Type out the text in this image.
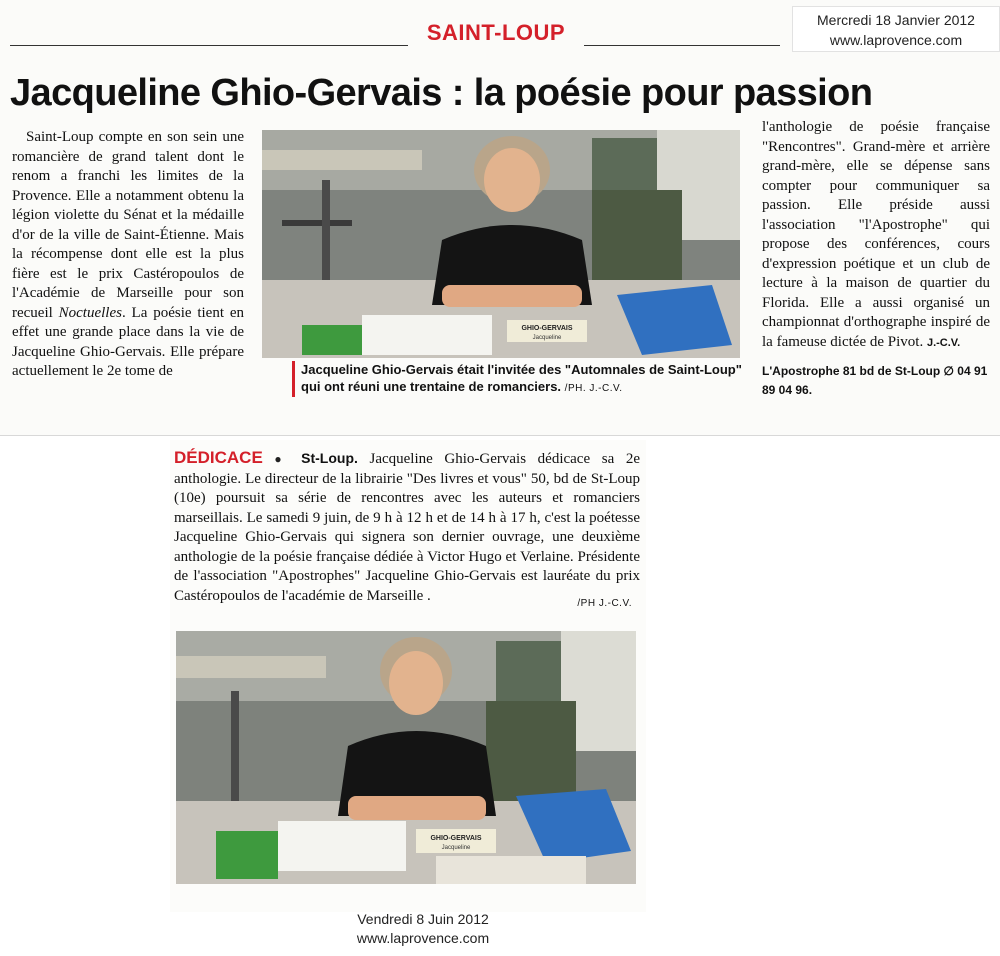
SAINT-LOUP	Mercredi 18 Janvier 2012
www.laprovence.com
Jacqueline Ghio-Gervais : la poésie pour passion

Saint-Loup compte en son sein une romancière de grand talent dont le renom a franchi les limites de la Provence. Elle a notamment obtenu la légion violette du Sénat et la médaille d'or de la ville de Saint-Étienne. Mais la récompense dont elle est la plus fière est le prix Castéropoulos de l'Académie de Marseille pour son recueil Noctuelles. La poésie tient en effet une grande place dans la vie de Jacqueline Ghio-Gervais. Elle prépare actuellement le 2e tome de

GHIO-GERVAIS
Jacqueline
Jacqueline Ghio-Gervais était l'invitée des "Automnales de Saint-Loup" qui ont réuni une trentaine de romanciers. /PH. J.-C.V.

l'anthologie de poésie française "Rencontres". Grand-mère et arrière grand-mère, elle se dépense sans compter pour communiquer sa passion. Elle préside aussi l'association "l'Apostrophe" qui propose des conférences, cours d'expression poétique et un club de lecture à la maison de quartier du Florida. Elle a aussi organisé un championnat d'orthographe inspiré de la fameuse dictée de Pivot. J.-C.V.

L'Apostrophe 81 bd de St-Loup ∅ 04 91 89 04 96.

DÉDICACE ● St-Loup. Jacqueline Ghio-Gervais dédicace sa 2e anthologie. Le directeur de la librairie "Des livres et vous" 50, bd de St-Loup (10e) poursuit sa série de rencontres avec les auteurs et romanciers marseillais. Le samedi 9 juin, de 9 h à 12 h et de 14 h à 17 h, c'est la poétesse Jacqueline Ghio-Gervais qui signera son dernier ouvrage, une deuxième anthologie de la poésie française dédiée à Victor Hugo et Verlaine. Présidente de l'association "Apostrophes" Jacqueline Ghio-Gervais est lauréate du prix Castéropoulos de l'académie de Marseille .	/PH J.-C.V.
GHIO-GERVAIS
Jacqueline
Vendredi 8 Juin 2012
www.laprovence.com
